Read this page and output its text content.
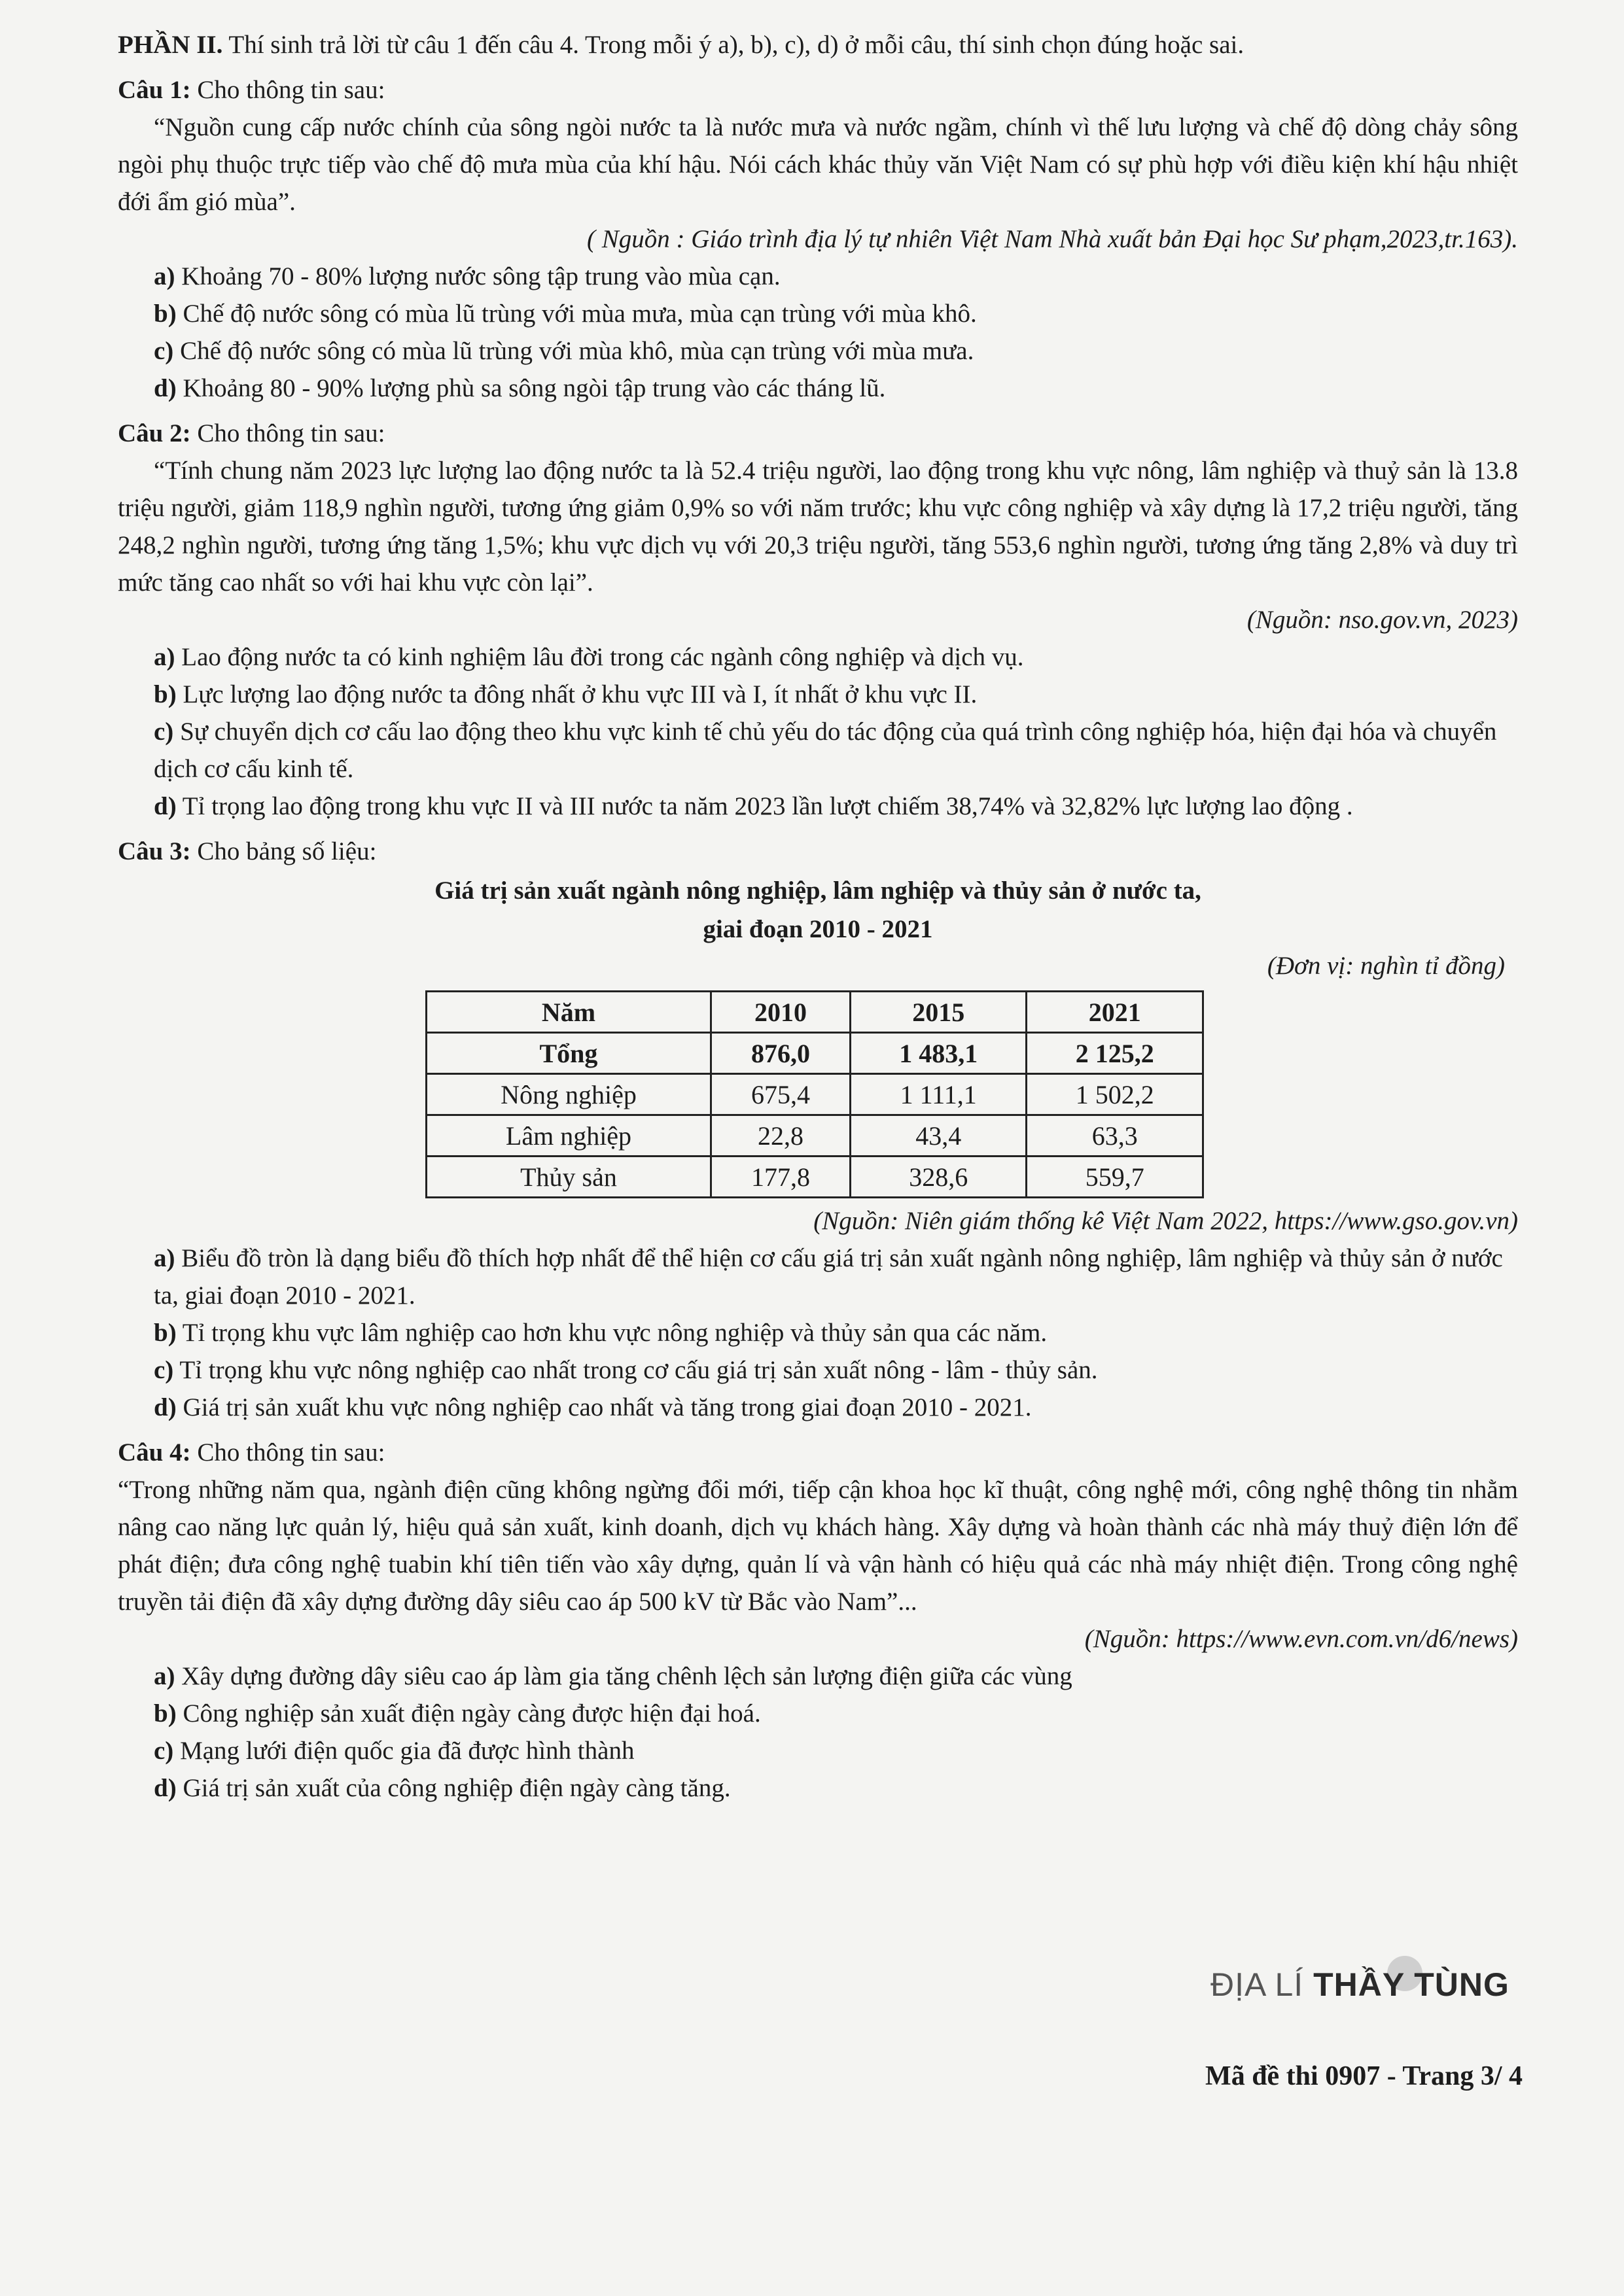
PHẦN II. Thí sinh trả lời từ câu 1 đến câu 4. Trong mỗi ý a), b), c), d) ở mỗi câu, thí sinh chọn đúng hoặc sai.

Câu 1: Cho thông tin sau:

“Nguồn cung cấp nước chính của sông ngòi nước ta là nước mưa và nước ngầm, chính vì thế lưu lượng và chế độ dòng chảy sông ngòi phụ thuộc trực tiếp vào chế độ mưa mùa của khí hậu. Nói cách khác thủy văn Việt Nam có sự phù hợp với điều kiện khí hậu nhiệt đới ẩm gió mùa”.

( Nguồn : Giáo trình địa lý tự nhiên Việt Nam Nhà xuất bản Đại học Sư phạm,2023,tr.163).

a) Khoảng 70 - 80% lượng nước sông tập trung vào mùa cạn.

b) Chế độ nước sông có mùa lũ trùng với mùa mưa, mùa cạn trùng với mùa khô.

c) Chế độ nước sông có mùa lũ trùng với mùa khô, mùa cạn trùng với mùa mưa.

d) Khoảng 80 - 90% lượng phù sa sông ngòi tập trung vào các tháng lũ.

Câu 2: Cho thông tin sau:

“Tính chung năm 2023 lực lượng lao động nước ta là 52.4 triệu người, lao động trong khu vực nông, lâm nghiệp và thuỷ sản là 13.8 triệu người, giảm 118,9 nghìn người, tương ứng giảm 0,9% so với năm trước; khu vực công nghiệp và xây dựng là 17,2 triệu người, tăng 248,2 nghìn người, tương ứng tăng 1,5%; khu vực dịch vụ với 20,3 triệu người, tăng 553,6 nghìn người, tương ứng tăng 2,8% và duy trì mức tăng cao nhất so với hai khu vực còn lại”.

(Nguồn: nso.gov.vn, 2023)

a) Lao động nước ta có kinh nghiệm lâu đời trong các ngành công nghiệp và dịch vụ.

b) Lực lượng lao động nước ta đông nhất ở khu vực III và I, ít nhất ở khu vực II.

c) Sự chuyển dịch cơ cấu lao động theo khu vực kinh tế chủ yếu do tác động của quá trình công nghiệp hóa, hiện đại hóa và chuyển dịch cơ cấu kinh tế.

d) Tỉ trọng lao động trong khu vực II và III nước ta năm 2023 lần lượt chiếm 38,74% và 32,82% lực lượng lao động .

Câu 3: Cho bảng số liệu:

Giá trị sản xuất ngành nông nghiệp, lâm nghiệp và thủy sản ở nước ta,

giai đoạn 2010 - 2021

(Đơn vị: nghìn tỉ đồng)
Năm	2010	2015	2021
Tổng	876,0	1 483,1	2 125,2
Nông nghiệp	675,4	1 111,1	1 502,2
Lâm nghiệp	22,8	43,4	63,3
Thủy sản	177,8	328,6	559,7

(Nguồn: Niên giám thống kê Việt Nam 2022, https://www.gso.gov.vn)

a) Biểu đồ tròn là dạng biểu đồ thích hợp nhất để thể hiện cơ cấu giá trị sản xuất ngành nông nghiệp, lâm nghiệp và thủy sản ở nước ta, giai đoạn 2010 - 2021.

b) Tỉ trọng khu vực lâm nghiệp cao hơn khu vực nông nghiệp và thủy sản qua các năm.

c) Tỉ trọng khu vực nông nghiệp cao nhất trong cơ cấu giá trị sản xuất nông - lâm - thủy sản.

d) Giá trị sản xuất khu vực nông nghiệp cao nhất và tăng trong giai đoạn 2010 - 2021.

Câu 4: Cho thông tin sau:

“Trong những năm qua, ngành điện cũng không ngừng đổi mới, tiếp cận khoa học kĩ thuật, công nghệ mới, công nghệ thông tin nhằm nâng cao năng lực quản lý, hiệu quả sản xuất, kinh doanh, dịch vụ khách hàng. Xây dựng và hoàn thành các nhà máy thuỷ điện lớn để phát điện; đưa công nghệ tuabin khí tiên tiến vào xây dựng, quản lí và vận hành có hiệu quả các nhà máy nhiệt điện. Trong công nghệ truyền tải điện đã xây dựng đường dây siêu cao áp 500 kV từ Bắc vào Nam”...

(Nguồn: https://www.evn.com.vn/d6/news)

a) Xây dựng đường dây siêu cao áp làm gia tăng chênh lệch sản lượng điện giữa các vùng

b) Công nghiệp sản xuất điện ngày càng được hiện đại hoá.

c) Mạng lưới điện quốc gia đã được hình thành

d) Giá trị sản xuất của công nghiệp điện ngày càng tăng.

ĐỊA LÍ THẦY TÙNG
Mã đề thi 0907 - Trang 3/ 4
